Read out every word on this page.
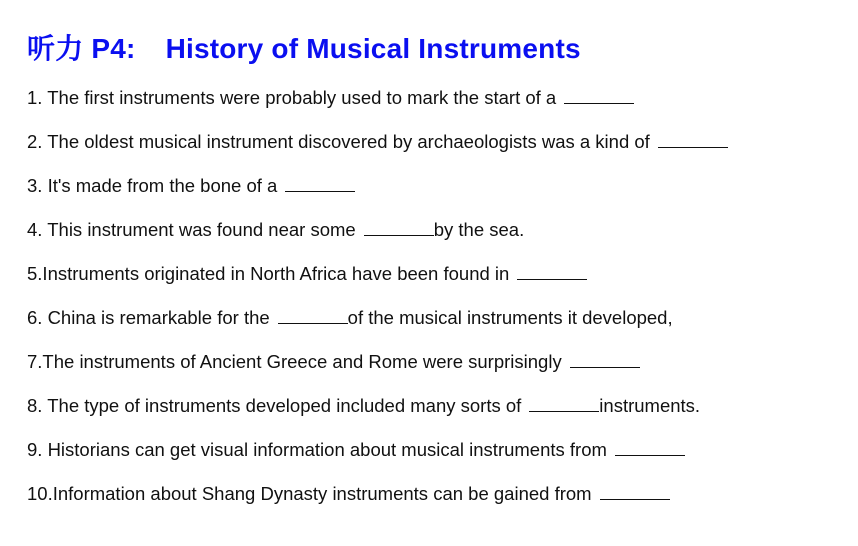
听力 P4: History of Musical Instruments
1. The first instruments were probably used to mark the start of a
2. The oldest musical instrument discovered by archaeologists was a kind of
3. It's made from the bone of a
4. This instrument was found near some	by the sea.
5.Instruments originated in North Africa have been found in
6. China is remarkable for the	of the musical instruments it developed,
7.The instruments of Ancient Greece and Rome were surprisingly
8. The type of instruments developed included many sorts of	instruments.
9. Historians can get visual information about musical instruments from
10.Information about Shang Dynasty instruments can be gained from
